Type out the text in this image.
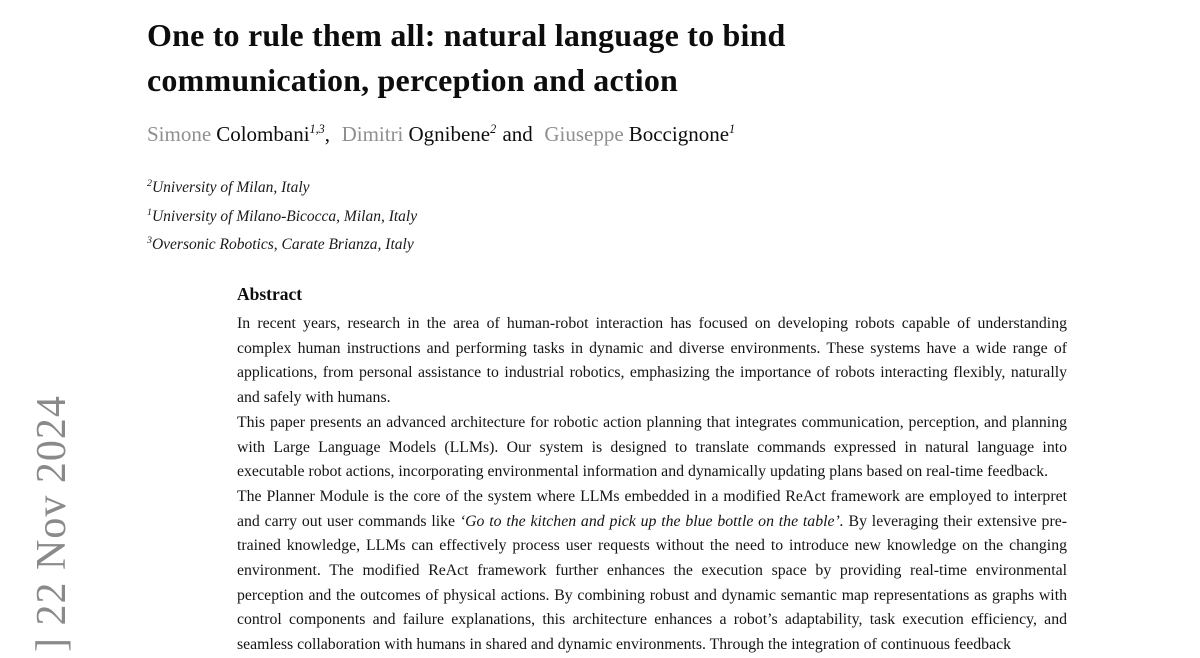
] 22 Nov 2024
One to rule them all: natural language to bind
communication, perception and action
Simone Colombani$^{1,3}$, Dimitri Ognibene$^2$ and Giuseppe Boccignone$^1$
$^2$University of Milan, Italy
$^1$University of Milano-Bicocca, Milan, Italy
$^3$Oversonic Robotics, Carate Brianza, Italy
Abstract

In recent years, research in the area of human-robot interaction has focused on developing robots capable of understanding complex human instructions and performing tasks in dynamic and diverse environments. These systems have a wide range of applications, from personal assistance to industrial robotics, emphasizing the importance of robots interacting flexibly, naturally and safely with humans.

This paper presents an advanced architecture for robotic action planning that integrates communication, perception, and planning with Large Language Models (LLMs). Our system is designed to translate commands expressed in natural language into executable robot actions, incorporating environmental information and dynamically updating plans based on real-time feedback.

The Planner Module is the core of the system where LLMs embedded in a modified ReAct framework are employed to interpret and carry out user commands like ‘Go to the kitchen and pick up the blue bottle on the table’. By leveraging their extensive pre-trained knowledge, LLMs can effectively process user requests without the need to introduce new knowledge on the changing environment. The modified ReAct framework further enhances the execution space by providing real-time environmental perception and the outcomes of physical actions. By combining robust and dynamic semantic map representations as graphs with control components and failure explanations, this architecture enhances a robot’s adaptability, task execution efficiency, and seamless collaboration with humans in shared and dynamic environments. Through the integration of continuous feedback
